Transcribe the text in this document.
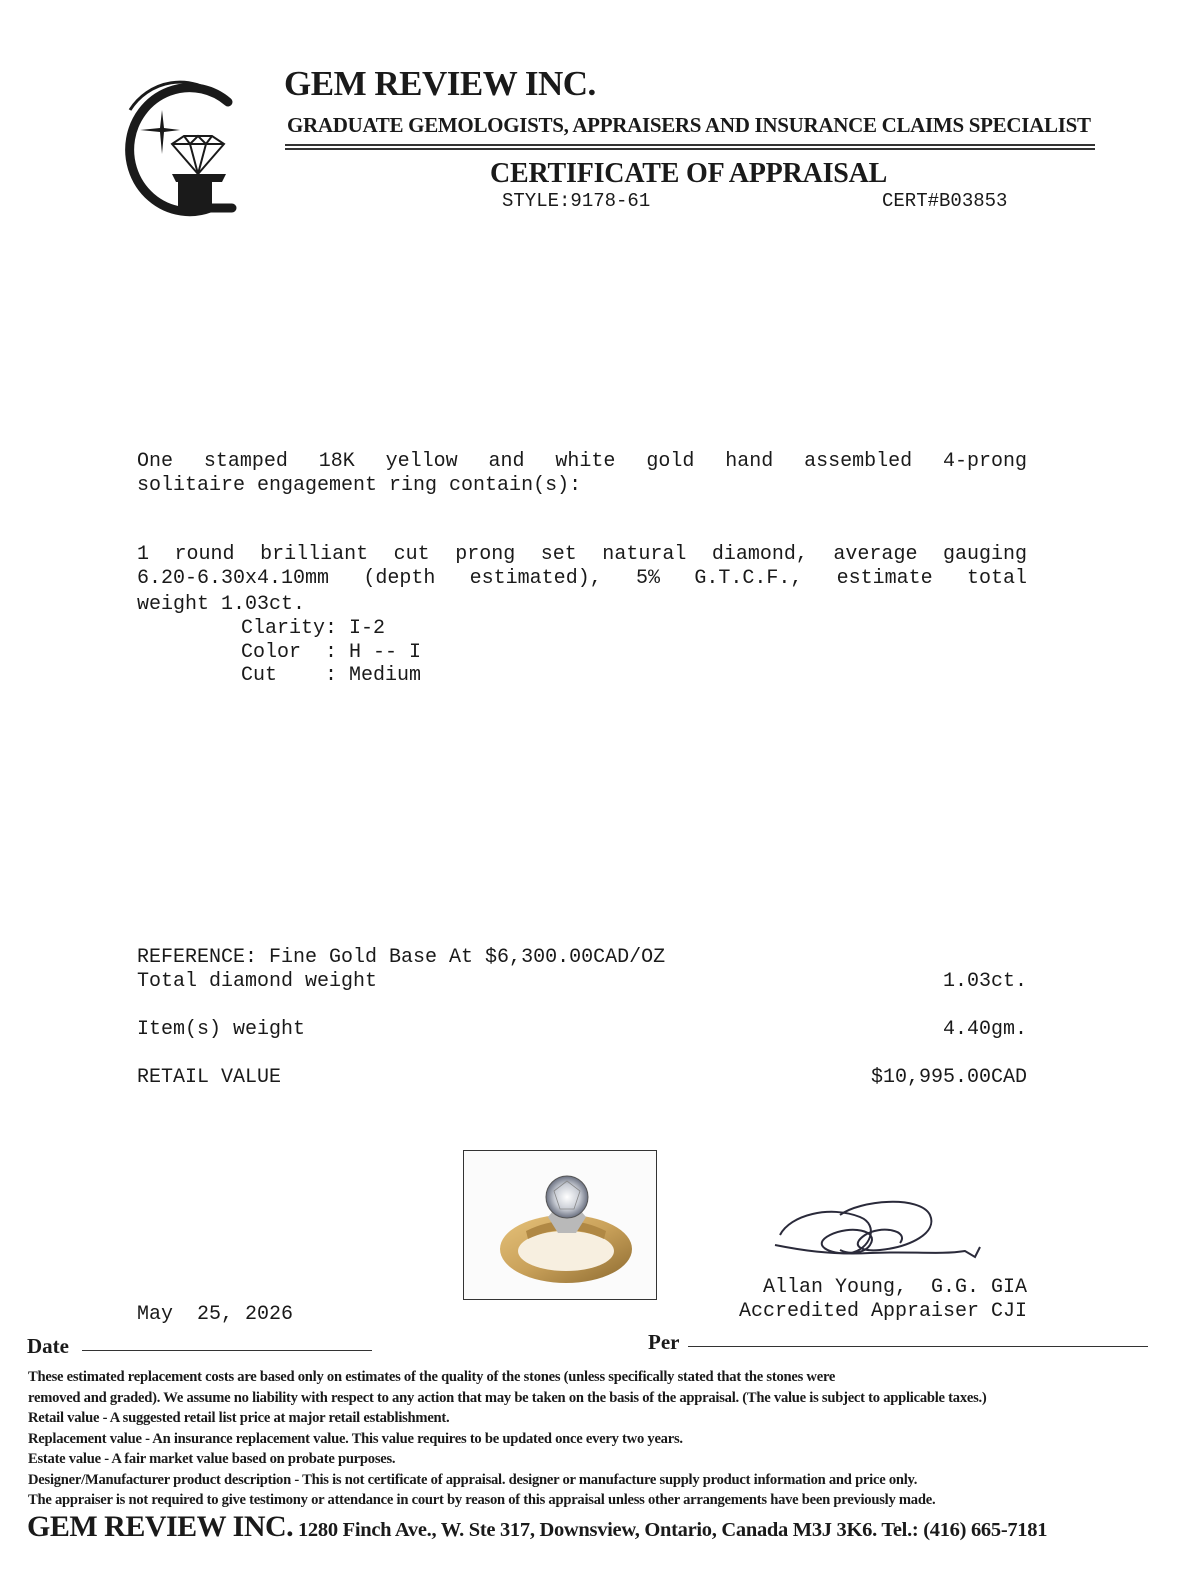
GEM REVIEW INC.
GRADUATE GEMOLOGISTS, APPRAISERS AND INSURANCE CLAIMS SPECIALIST
CERTIFICATE OF APPRAISAL
STYLE:9178-61	CERT#B03853
One stamped 18K yellow and white gold hand assembled 4-prong
solitaire engagement ring contain(s):
1 round brilliant cut prong set natural diamond, average gauging
6.20-6.30x4.10mm (depth estimated), 5% G.T.C.F., estimate total
weight 1.03ct.
Clarity: I-2
Color  : H -- I
Cut    : Medium
REFERENCE: Fine Gold Base At $6,300.00CAD/OZ
Total diamond weight	1.03ct.
Item(s) weight	4.40gm.
RETAIL VALUE	$10,995.00CAD
Allan Young,  G.G. GIA
Accredited Appraiser CJI
May  25, 2026
Date	Per
These estimated replacement costs are based only on estimates of the quality of the stones (unless specifically stated that the stones were
removed and graded). We assume no liability with respect to any action that may be taken on the basis of the appraisal. (The value is subject to applicable taxes.)
Retail value - A suggested retail list price at major retail establishment.
Replacement value - An insurance replacement value. This value requires to be updated once every two years.
Estate value - A fair market value based on probate purposes.
Designer/Manufacturer product description - This is not certificate of appraisal. designer or manufacture supply product information and price only.
The appraiser is not required to give testimony or attendance in court by reason of this appraisal unless other arrangements have been previously made.
GEM REVIEW INC. 1280 Finch Ave., W. Ste 317, Downsview, Ontario, Canada M3J 3K6. Tel.: (416) 665-7181
